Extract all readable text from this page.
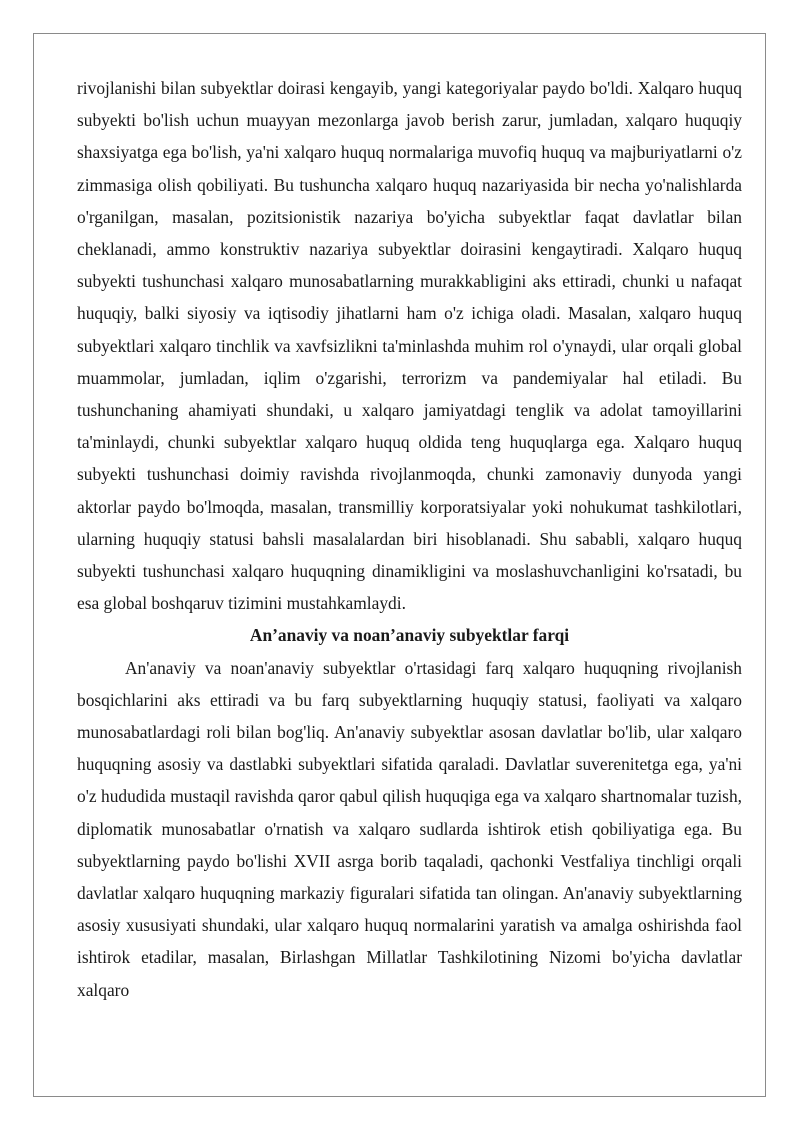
rivojlanishi bilan subyektlar doirasi kengayib, yangi kategoriyalar paydo bo'ldi. Xalqaro huquq subyekti bo'lish uchun muayyan mezonlarga javob berish zarur, jumladan, xalqaro huquqiy shaxsiyatga ega bo'lish, ya'ni xalqaro huquq normalariga muvofiq huquq va majburiyatlarni o'z zimmasiga olish qobiliyati. Bu tushuncha xalqaro huquq nazariyasida bir necha yo'nalishlarda o'rganilgan, masalan, pozitsionistik nazariya bo'yicha subyektlar faqat davlatlar bilan cheklanadi, ammo konstruktiv nazariya subyektlar doirasini kengaytiradi. Xalqaro huquq subyekti tushunchasi xalqaro munosabatlarning murakkabligini aks ettiradi, chunki u nafaqat huquqiy, balki siyosiy va iqtisodiy jihatlarni ham o'z ichiga oladi. Masalan, xalqaro huquq subyektlari xalqaro tinchlik va xavfsizlikni ta'minlashda muhim rol o'ynaydi, ular orqali global muammolar, jumladan, iqlim o'zgarishi, terrorizm va pandemiyalar hal etiladi. Bu tushunchaning ahamiyati shundaki, u xalqaro jamiyatdagi tenglik va adolat tamoyillarini ta'minlaydi, chunki subyektlar xalqaro huquq oldida teng huquqlarga ega. Xalqaro huquq subyekti tushunchasi doimiy ravishda rivojlanmoqda, chunki zamonaviy dunyoda yangi aktorlar paydo bo'lmoqda, masalan, transmilliy korporatsiyalar yoki nohukumat tashkilotlari, ularning huquqiy statusi bahsli masalalardan biri hisoblanadi. Shu sababli, xalqaro huquq subyekti tushunchasi xalqaro huquqning dinamikligini va moslashuvchanligini ko'rsatadi, bu esa global boshqaruv tizimini mustahkamlaydi.

An’anaviy va noan’anaviy subyektlar farqi

An'anaviy va noan'anaviy subyektlar o'rtasidagi farq xalqaro huquqning rivojlanish bosqichlarini aks ettiradi va bu farq subyektlarning huquqiy statusi, faoliyati va xalqaro munosabatlardagi roli bilan bog'liq. An'anaviy subyektlar asosan davlatlar bo'lib, ular xalqaro huquqning asosiy va dastlabki subyektlari sifatida qaraladi. Davlatlar suverenitetga ega, ya'ni o'z hududida mustaqil ravishda qaror qabul qilish huquqiga ega va xalqaro shartnomalar tuzish, diplomatik munosabatlar o'rnatish va xalqaro sudlarda ishtirok etish qobiliyatiga ega. Bu subyektlarning paydo bo'lishi XVII asrga borib taqaladi, qachonki Vestfaliya tinchligi orqali davlatlar xalqaro huquqning markaziy figuralari sifatida tan olingan. An'anaviy subyektlarning asosiy xususiyati shundaki, ular xalqaro huquq normalarini yaratish va amalga oshirishda faol ishtirok etadilar, masalan, Birlashgan Millatlar Tashkilotining Nizomi bo'yicha davlatlar xalqaro
